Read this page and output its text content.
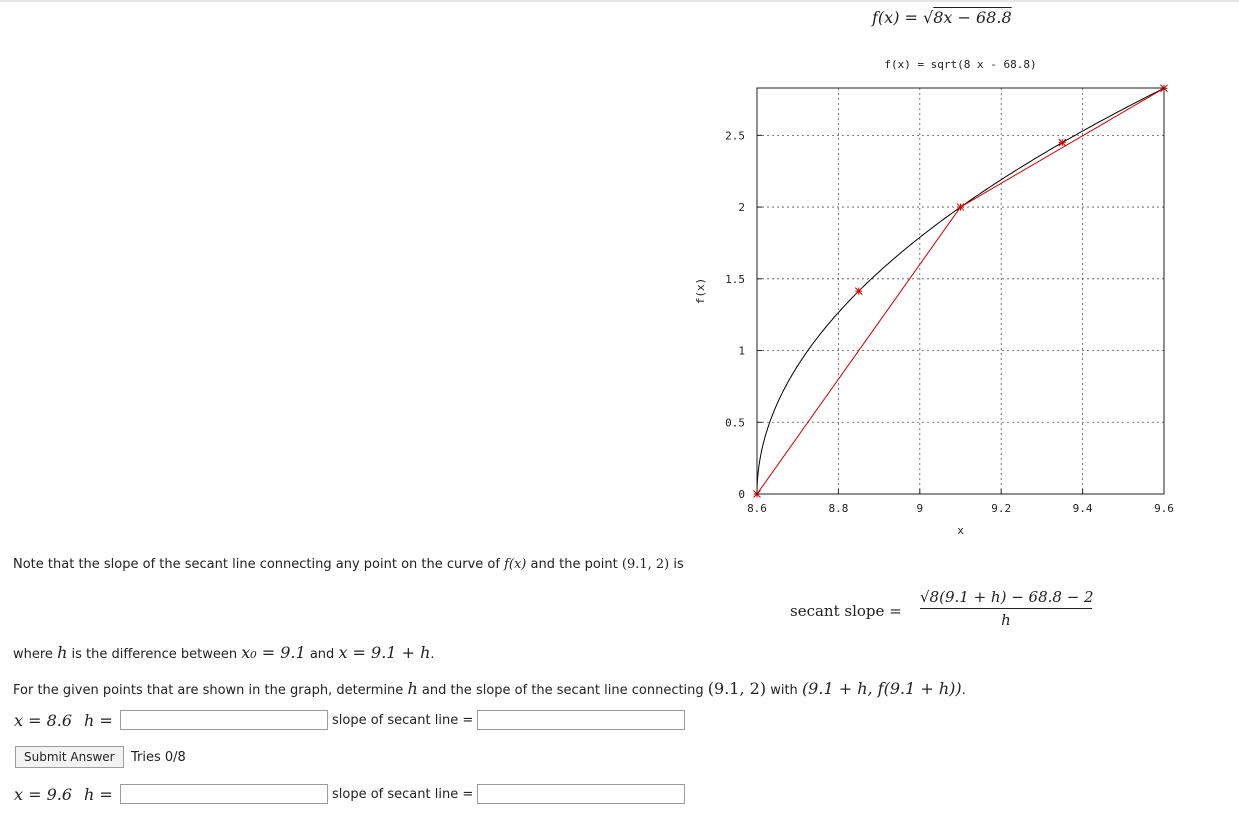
f(x) = √8x − 68.8
8.6	8.8	9	9.2	9.4	9.6
0
0.5
1
1.5
2
2.5
f(x) = sqrt(8 x - 68.8)
x
f(x)
Note that the slope of the secant line connecting any point on the curve of f(x) and the point (9.1, 2) is
secant slope = $\frac{√8(9.1 + h) - 68.8 - 2}{h}$
where h is the difference between x₀ = 9.1 and x = 9.1 + h.
For the given points that are shown in the graph, determine h and the slope of the secant line connecting (9.1, 2) with (9.1 + h, f(9.1 + h)).
x = 8.6 h =	slope of secant line =
Submit Answer	Tries 0/8
x = 9.6 h =	slope of secant line =
